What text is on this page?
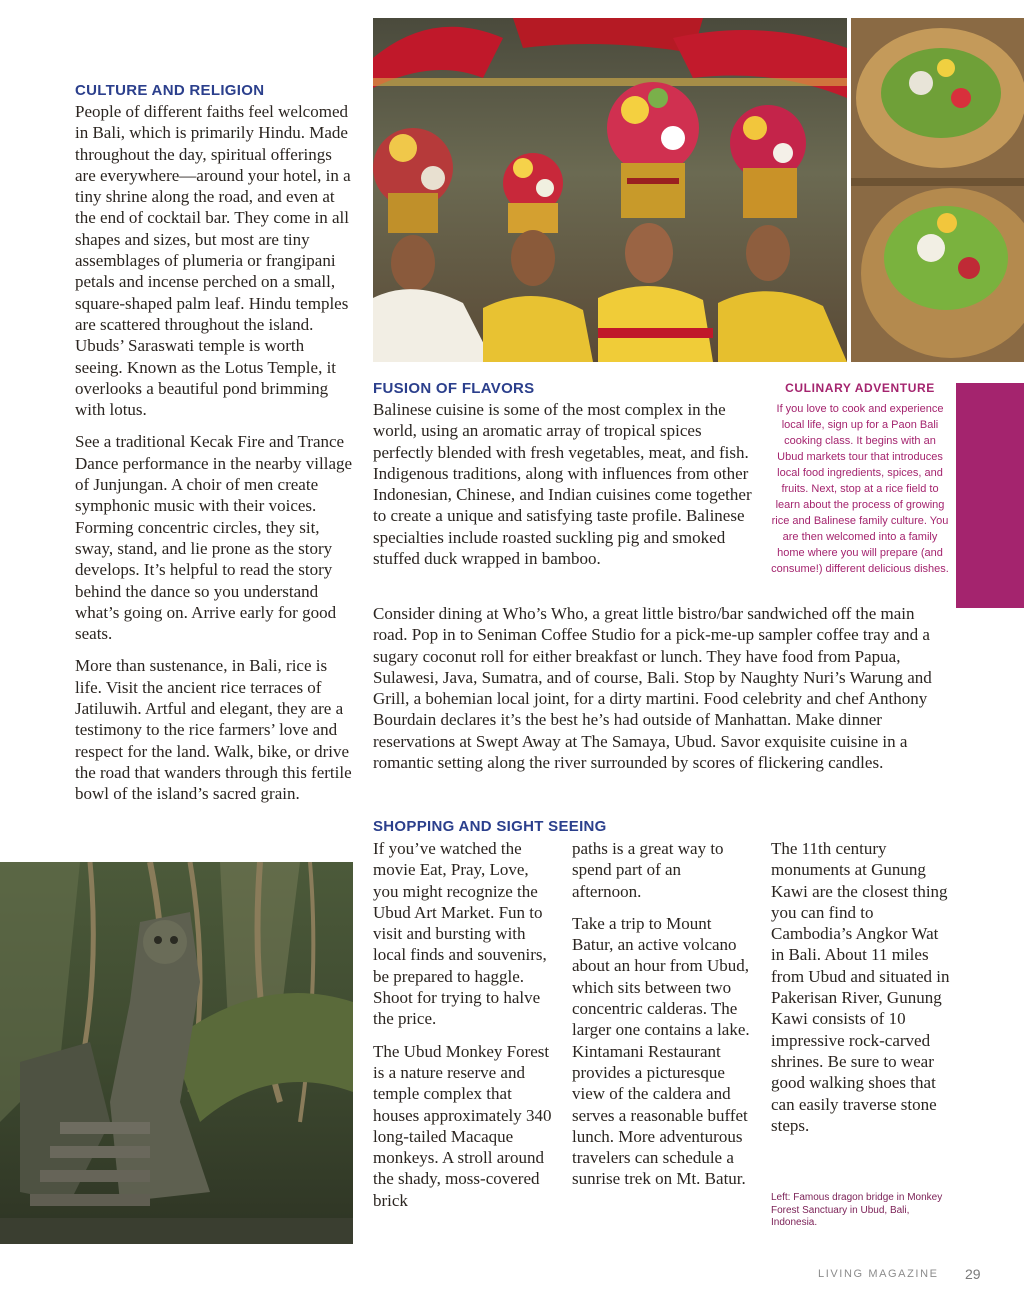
CULTURE AND RELIGION

People of different faiths feel welcomed in Bali, which is primarily Hindu. Made throughout the day, spiritual offerings are everywhere—around your hotel, in a tiny shrine along the road, and even at the end of cocktail bar. They come in all shapes and sizes, but most are tiny assemblages of plumeria or frangipani petals and incense perched on a small, square-shaped palm leaf. Hindu temples are scattered throughout the island. Ubuds’ Saraswati temple is worth seeing. Known as the Lotus Temple, it overlooks a beautiful pond brimming with lotus.

See a traditional Kecak Fire and Trance Dance performance in the nearby village of Junjungan. A choir of men create symphonic music with their voices. Forming concentric circles, they sit, sway, stand, and lie prone as the story develops. It’s helpful to read the story behind the dance so you understand what’s going on. Arrive early for good seats.

More than sustenance, in Bali, rice is life. Visit the ancient rice terraces of Jatiluwih. Artful and elegant, they are a testimony to the rice farmers’ love and respect for the land. Walk, bike, or drive the road that wanders through this fertile bowl of the island’s sacred grain.

FUSION OF FLAVORS

Balinese cuisine is some of the most complex in the world, using an aromatic array of tropical spices perfectly blended with fresh vegetables, meat, and fish. Indigenous traditions, along with influences from other Indonesian, Chinese, and Indian cuisines come together to create a unique and satisfying taste profile. Balinese specialties include roasted suckling pig and smoked stuffed duck wrapped in bamboo.

Consider dining at Who’s Who, a great little bistro/bar sandwiched off the main road. Pop in to Seniman Coffee Studio for a pick-me-up sampler coffee tray and a sugary coconut roll for either breakfast or lunch. They have food from Papua, Sulawesi, Java, Sumatra, and of course, Bali. Stop by Naughty Nuri’s Warung and Grill, a bohemian local joint, for a dirty martini. Food celebrity and chef Anthony Bourdain declares it’s the best he’s had outside of Manhattan. Make dinner reservations at Swept Away at The Samaya, Ubud. Savor exquisite cuisine in a romantic setting along the river surrounded by scores of flickering candles.

CULINARY ADVENTURE

If you love to cook and experience local life, sign up for a Paon Bali cooking class. It begins with an Ubud markets tour that introduces local food ingredients, spices, and fruits. Next, stop at a rice field to learn about the process of growing rice and Balinese family culture. You are then welcomed into a family home where you will prepare (and consume!) different delicious dishes.

SHOPPING AND SIGHT SEEING

If you’ve watched the movie Eat, Pray, Love, you might recognize the Ubud Art Market. Fun to visit and bursting with local finds and souvenirs, be prepared to haggle. Shoot for trying to halve the price.

The Ubud Monkey Forest is a nature reserve and temple complex that houses approximately 340 long-tailed Macaque monkeys. A stroll around the shady, moss-covered brick

paths is a great way to spend part of an afternoon.

Take a trip to Mount Batur, an active volcano about an hour from Ubud, which sits between two concentric calderas. The larger one contains a lake. Kintamani Restaurant provides a picturesque view of the caldera and serves a reasonable buffet lunch. More adventurous travelers can schedule a sunrise trek on Mt. Batur.

The 11th century monuments at Gunung Kawi are the closest thing you can find to Cambodia’s Angkor Wat in Bali. About 11 miles from Ubud and situated in Pakerisan River, Gunung Kawi consists of 10 impressive rock-carved shrines. Be sure to wear good walking shoes that can easily traverse stone steps.

Left: Famous dragon bridge in Monkey Forest Sanctuary in Ubud, Bali, Indonesia.

LIVING MAGAZINE 29
